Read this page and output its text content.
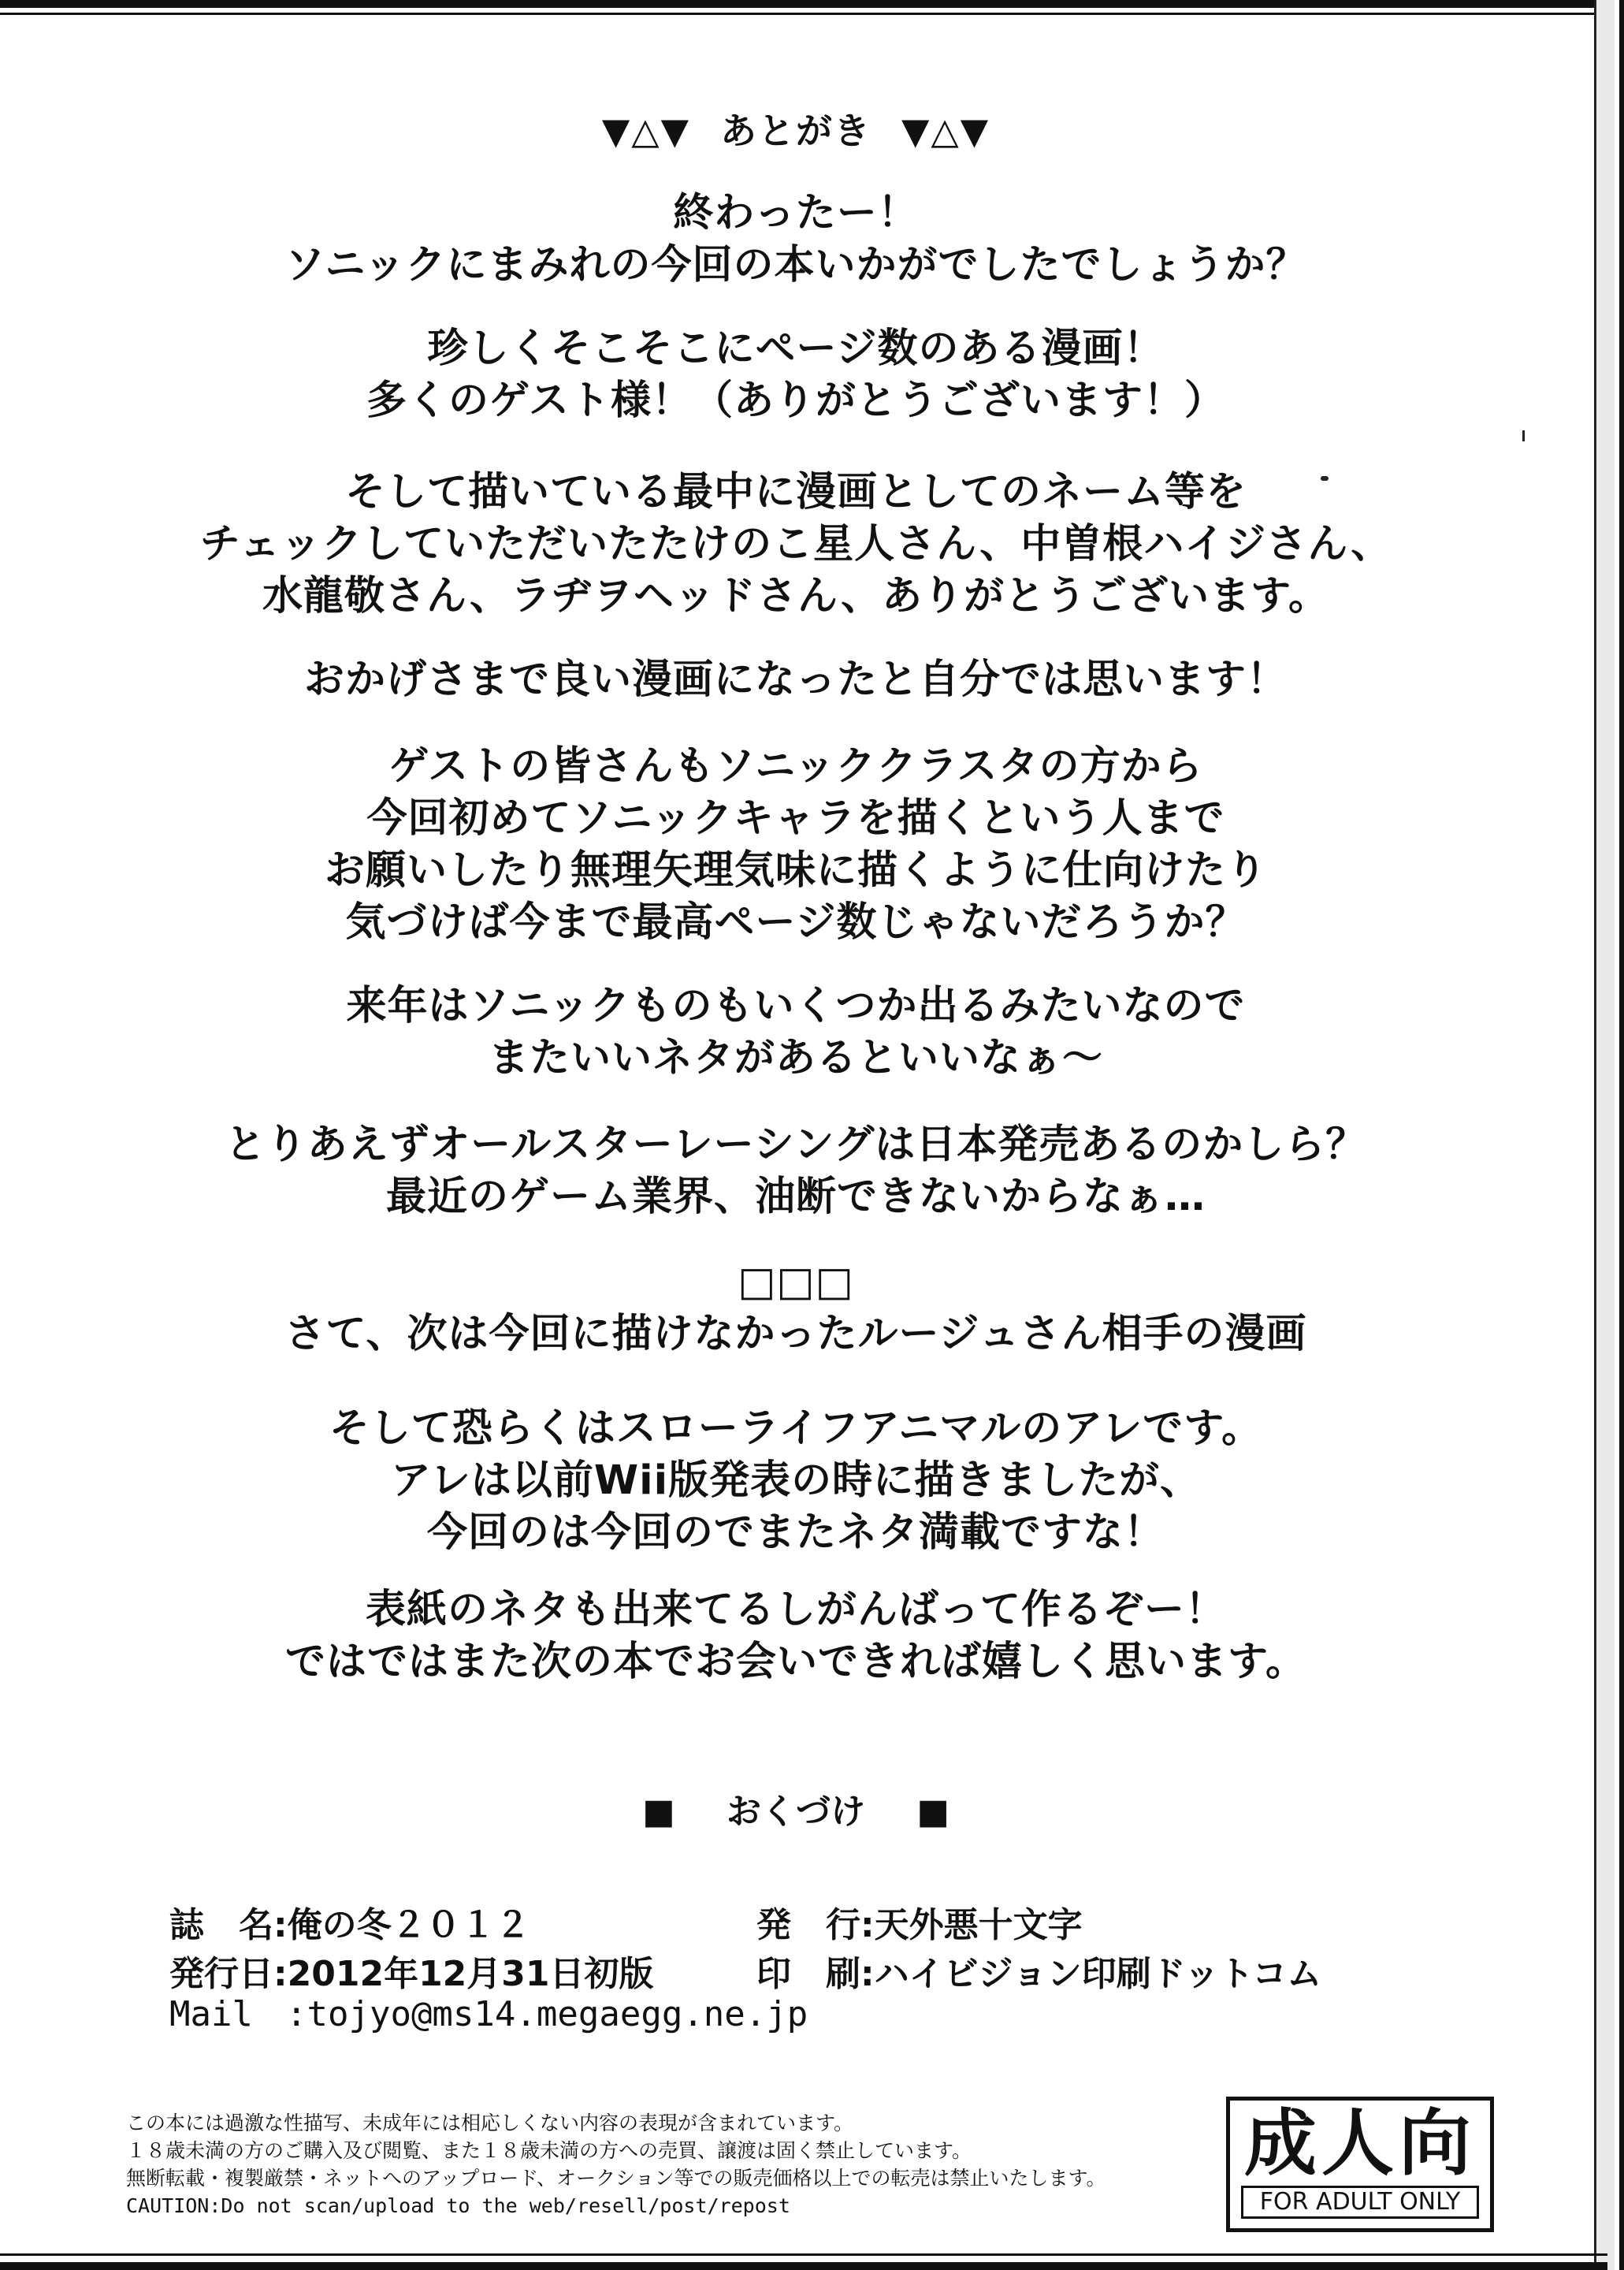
▼△▼ あとがき ▼△▼
終わったー！
ソニックにまみれの今回の本いかがでしたでしょうか？
珍しくそこそこにページ数のある漫画！
多くのゲスト様！（ありがとうございます！）
そして描いている最中に漫画としてのネーム等を
チェックしていただいたたけのこ星人さん、中曽根ハイジさん、
水龍敬さん、ラヂヲヘッドさん、ありがとうございます。
おかげさまで良い漫画になったと自分では思います！
ゲストの皆さんもソニッククラスタの方から
今回初めてソニックキャラを描くという人まで
お願いしたり無理矢理気味に描くように仕向けたり
気づけば今まで最高ページ数じゃないだろうか？
来年はソニックものもいくつか出るみたいなので
またいいネタがあるといいなぁ～
とりあえずオールスターレーシングは日本発売あるのかしら？
最近のゲーム業界、油断できないからなぁ…
□□□
さて、次は今回に描けなかったルージュさん相手の漫画
そして恐らくはスローライフアニマルのアレです。
アレは以前Wii版発表の時に描きましたが、
今回のは今回のでまたネタ満載ですな！
表紙のネタも出来てるしがんばって作るぞー！
ではではまた次の本でお会いできれば嬉しく思います。
■ おくづけ ■
誌　名:俺の冬２０１２	発　行:天外悪十文字
発行日:2012年12月31日初版	印　刷:ハイビジョン印刷ドットコム
Mail :tojyo@ms14.megaegg.ne.jp
この本には過激な性描写、未成年には相応しくない内容の表現が含まれています。
１８歳未満の方のご購入及び閲覧、また１８歳未満の方への売買、譲渡は固く禁止しています。
無断転載・複製厳禁・ネットへのアップロード、オークション等での販売価格以上での転売は禁止いたします。
CAUTION:Do not scan/upload to the web/resell/post/repost
成人向
FOR ADULT ONLY
